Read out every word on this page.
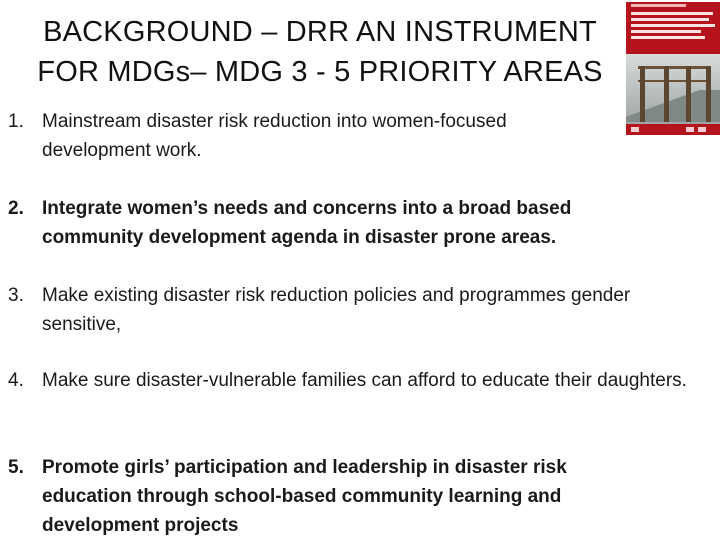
BACKGROUND – DRR AN INSTRUMENT
FOR MDGs– MDG 3 - 5 PRIORITY AREAS
1. Mainstream disaster risk reduction into women-focused development work.
2. Integrate women’s needs and concerns into a broad based community development agenda in disaster prone areas.
3. Make existing disaster risk reduction policies and programmes gender sensitive,
4. Make sure disaster-vulnerable families can afford to educate their daughters.
5. Promote girls’ participation and leadership in disaster risk education through school-based community learning and development projects
